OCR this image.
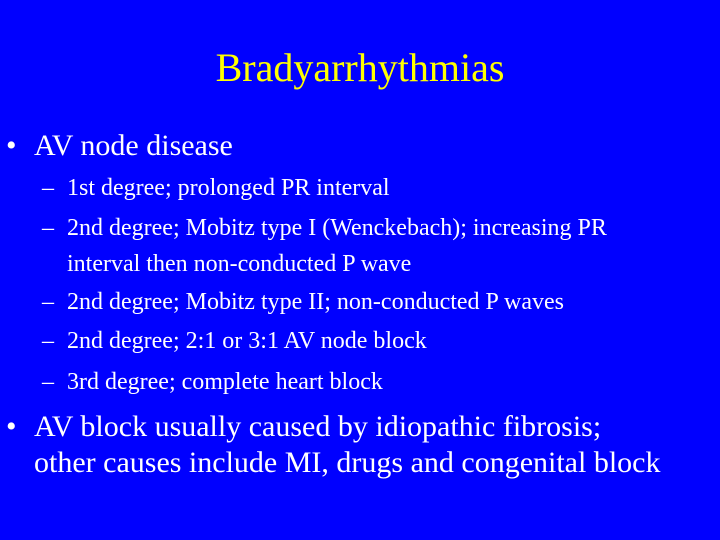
Bradyarrhythmias
• AV node disease
– 1st degree; prolonged PR interval
– 2nd degree; Mobitz type I (Wenckebach); increasing PR
interval then non-conducted P wave
– 2nd degree; Mobitz type II; non-conducted P waves
– 2nd degree; 2:1 or 3:1 AV node block
– 3rd degree; complete heart block
• AV block usually caused by idiopathic fibrosis;
other causes include MI, drugs and congenital block
